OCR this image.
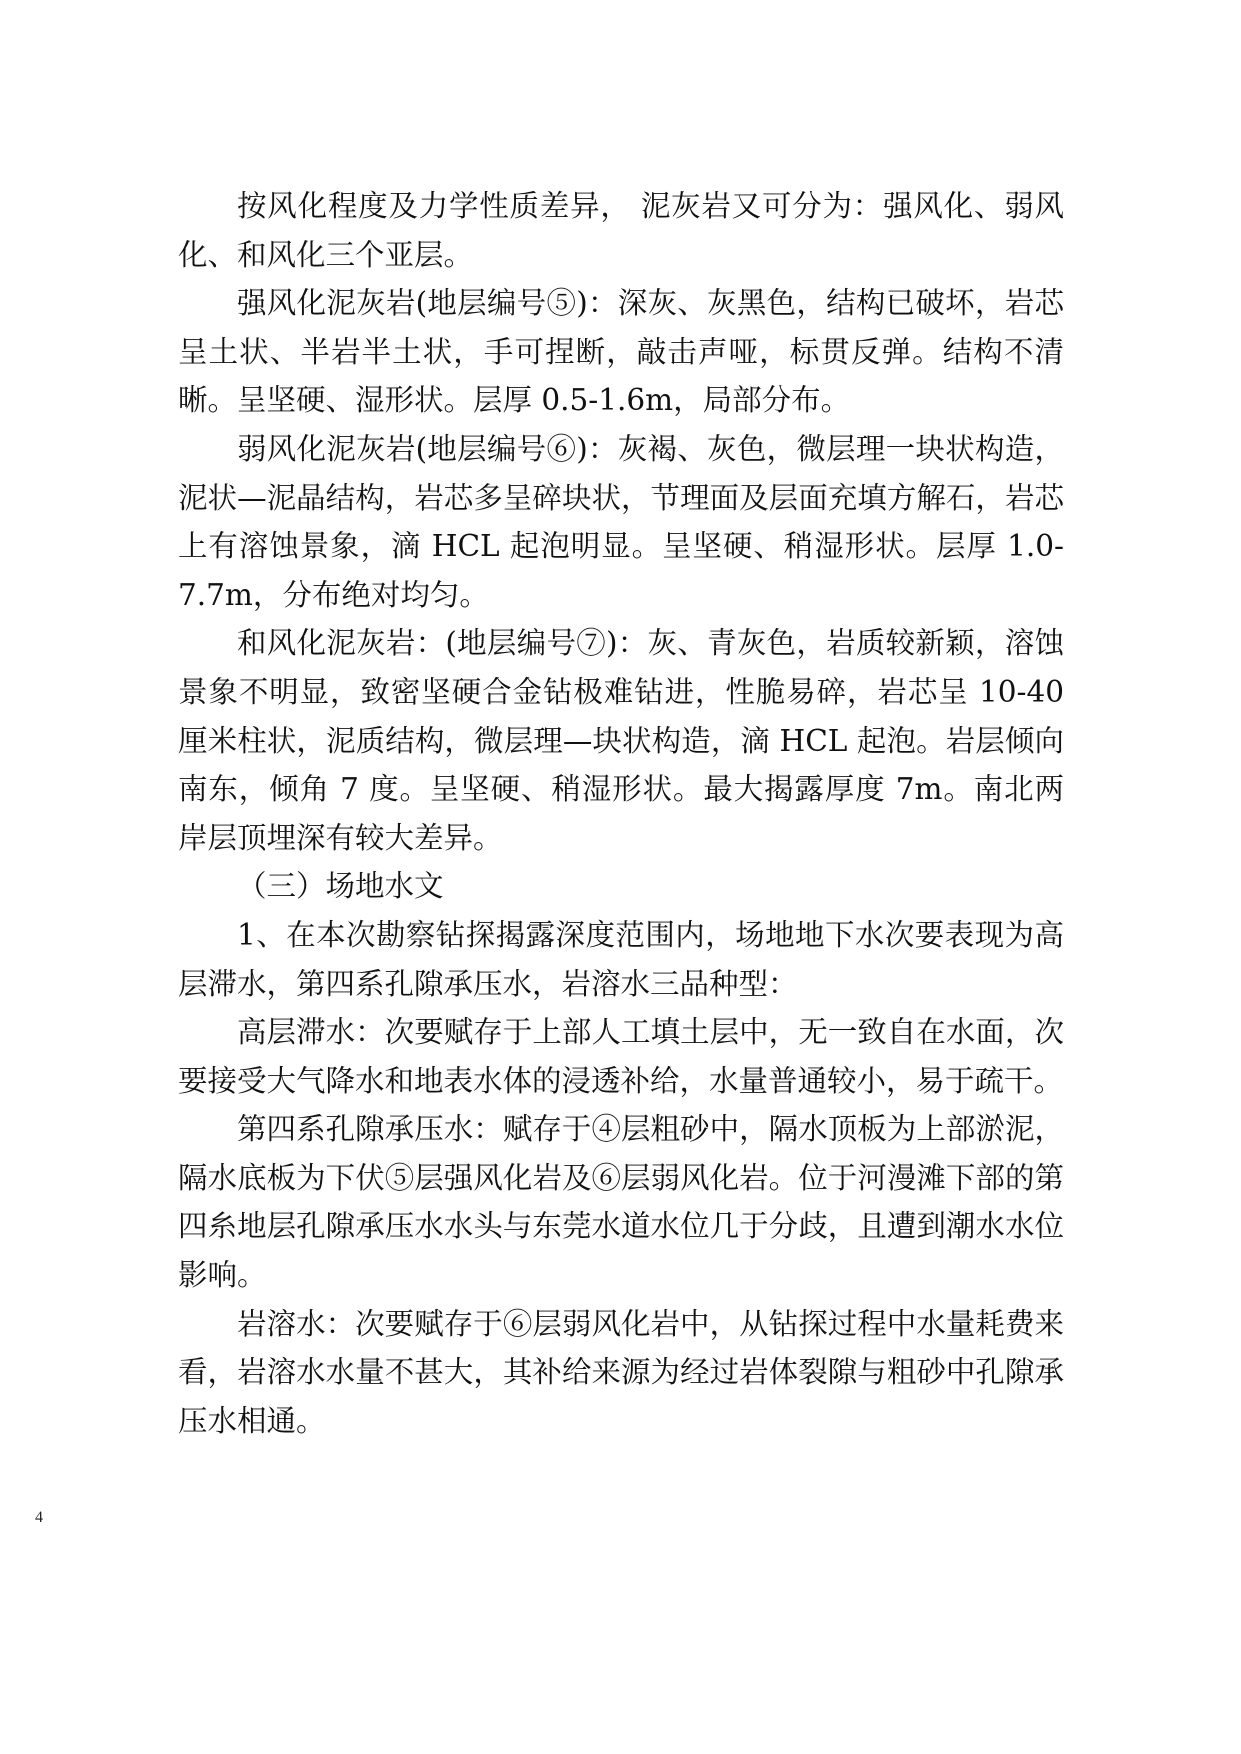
按风化程度及力学性质差异， 泥灰岩又可分为：强风化、弱风化、和风化三个亚层。

强风化泥灰岩(地层编号⑤)：深灰、灰黑色，结构已破坏，岩芯呈土状、半岩半土状，手可捏断，敲击声哑，标贯反弹。结构不清晰。呈坚硬、湿形状。层厚 0.5-1.6m，局部分布。

弱风化泥灰岩(地层编号⑥)：灰褐、灰色，微层理一块状构造，泥状—泥晶结构，岩芯多呈碎块状，节理面及层面充填方解石，岩芯上有溶蚀景象，滴 HCL 起泡明显。呈坚硬、稍湿形状。层厚 1.0-7.7m，分布绝对均匀。

和风化泥灰岩：(地层编号⑦)：灰、青灰色，岩质较新颖，溶蚀景象不明显，致密坚硬合金钻极难钻进，性脆易碎，岩芯呈 10-40 厘米柱状，泥质结构，微层理—块状构造，滴 HCL 起泡。岩层倾向南东，倾角 7 度。呈坚硬、稍湿形状。最大揭露厚度 7m。南北两岸层顶埋深有较大差异。

（三）场地水文

1、在本次勘察钻探揭露深度范围内，场地地下水次要表现为高层滞水，第四系孔隙承压水，岩溶水三品种型：

高层滞水：次要赋存于上部人工填土层中，无一致自在水面，次要接受大气降水和地表水体的浸透补给，水量普通较小，易于疏干。

第四系孔隙承压水：赋存于④层粗砂中，隔水顶板为上部淤泥，隔水底板为下伏⑤层强风化岩及⑥层弱风化岩。位于河漫滩下部的第四糸地层孔隙承压水水头与东莞水道水位几于分歧，且遭到潮水水位影响。

岩溶水：次要赋存于⑥层弱风化岩中，从钻探过程中水量耗费来看，岩溶水水量不甚大，其补给来源为经过岩体裂隙与粗砂中孔隙承压水相通。

4
